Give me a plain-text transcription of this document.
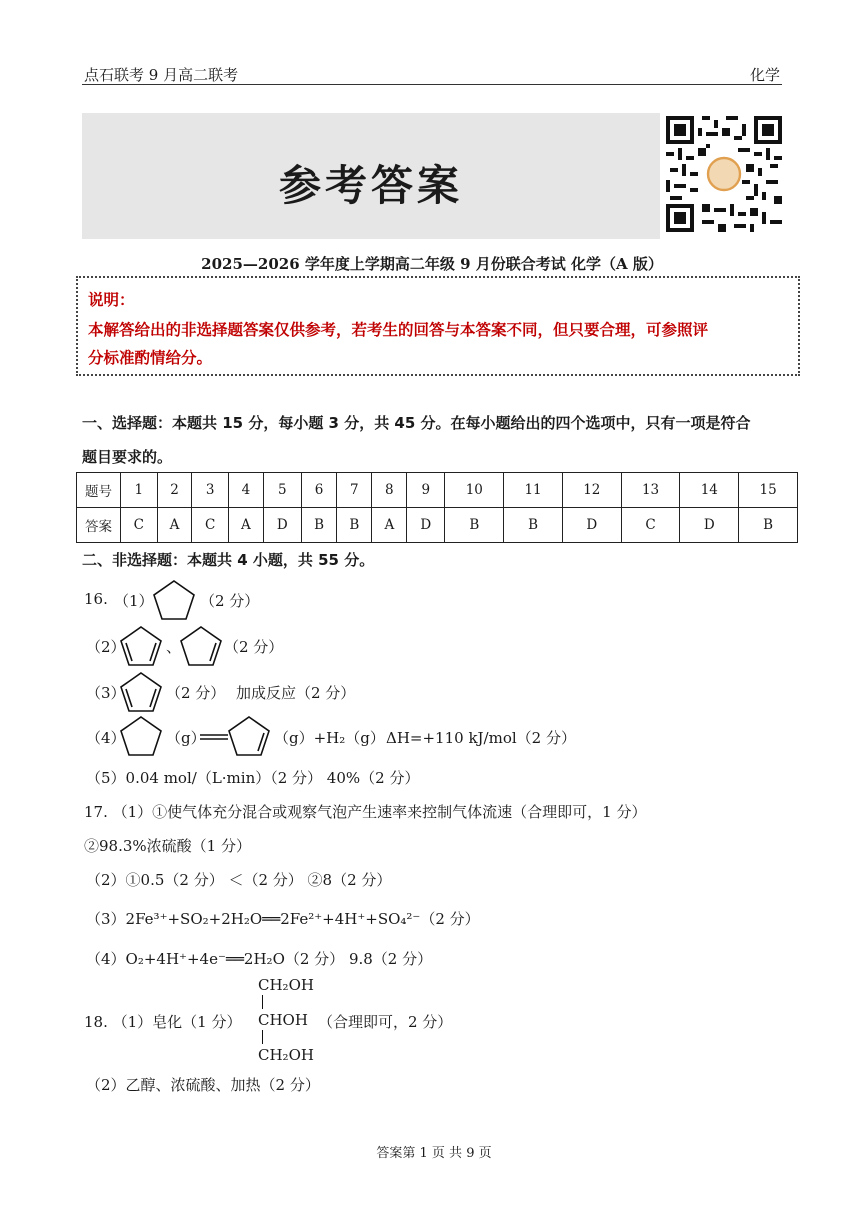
点石联考 9 月高二联考	化学
参考答案
2025—2026 学年度上学期高二年级 9 月份联合考试 化学（A 版）
说明：
本解答给出的非选择题答案仅供参考，若考生的回答与本答案不同，但只要合理，可参照评
分标准酌情给分。
一、选择题：本题共 15 分，每小题 3 分，共 45 分。在每小题给出的四个选项中，只有一项是符合
题目要求的。
题号	1	2	3	4	5	6	7	8	9	10	11	12	13	14	15
答案	C	A	C	A	D	B	B	A	D	B	B	D	C	D	B
二、非选择题：本题共 4 小题，共 55 分。
16. （1）	（2 分）
（2）	、	（2 分）
（3）	（2 分） 加成反应（2 分）
（4）	（g）	（g）+H₂（g） ΔH=+110 kJ/mol（2 分）
（5）0.04 mol/（L·min）（2 分） 40%（2 分）
17. （1）①使气体充分混合或观察气泡产生速率来控制气体流速（合理即可，1 分）
②98.3%浓硫酸（1 分）
（2）①0.5（2 分） ＜（2 分） ②8（2 分）
（3）2Fe³⁺+SO₂+2H₂O══2Fe²⁺+4H⁺+SO₄²⁻（2 分）
（4）O₂+4H⁺+4e⁻══2H₂O（2 分） 9.8（2 分）
18. （1）皂化（1 分）
CH₂OH
CHOH
CH₂OH
（合理即可，2 分）
（2）乙醇、浓硫酸、加热（2 分）
答案第 1 页 共 9 页
